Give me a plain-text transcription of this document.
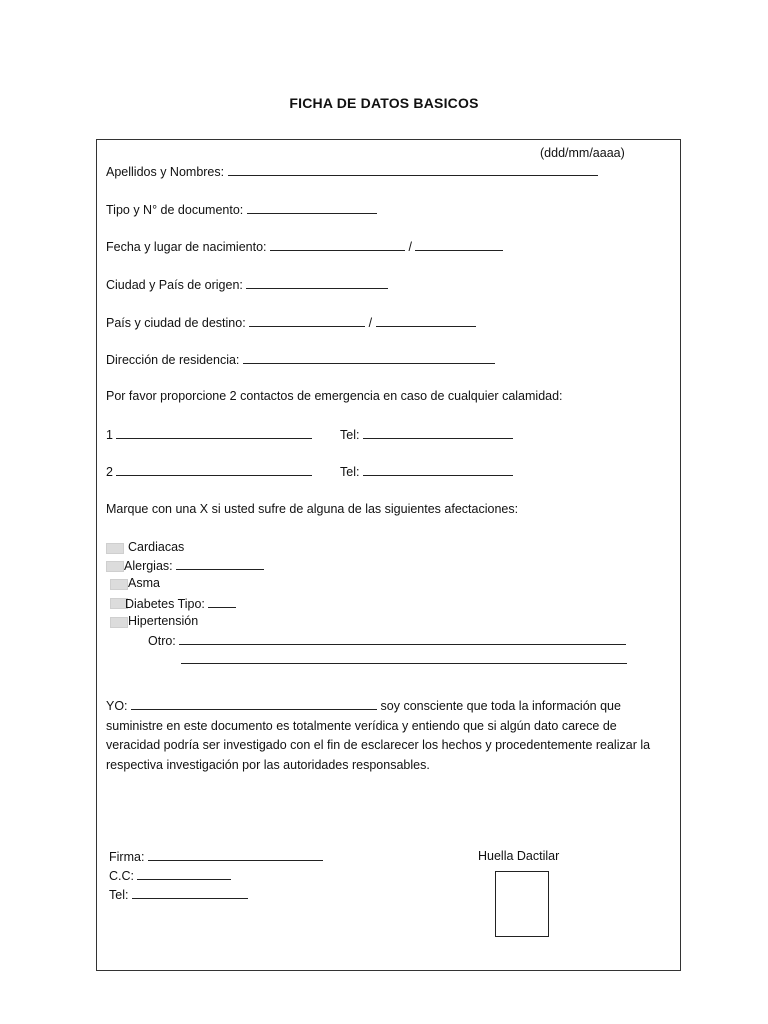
FICHA DE DATOS BASICOS
(ddd/mm/aaaa)
Apellidos y Nombres:
Tipo y N° de documento:
Fecha y lugar de nacimiento:	/
Ciudad y País de origen:
País y ciudad de destino:	/
Dirección de residencia:
Por favor proporcione 2 contactos de emergencia en caso de cualquier calamidad:
1	Tel:
2	Tel:
Marque con una X si usted sufre de alguna de las siguientes afectaciones:
Cardiacas
Alergias:
Asma
Diabetes Tipo:
Hipertensión
Otro:
YO:	soy consciente que toda la información que suministre en este documento es totalmente verídica y entiendo que si algún dato carece de veracidad podría ser investigado con el fin de esclarecer los hechos y procedentemente realizar la respectiva investigación por las autoridades responsables.
Firma:
C.C:
Tel:
Huella Dactilar
